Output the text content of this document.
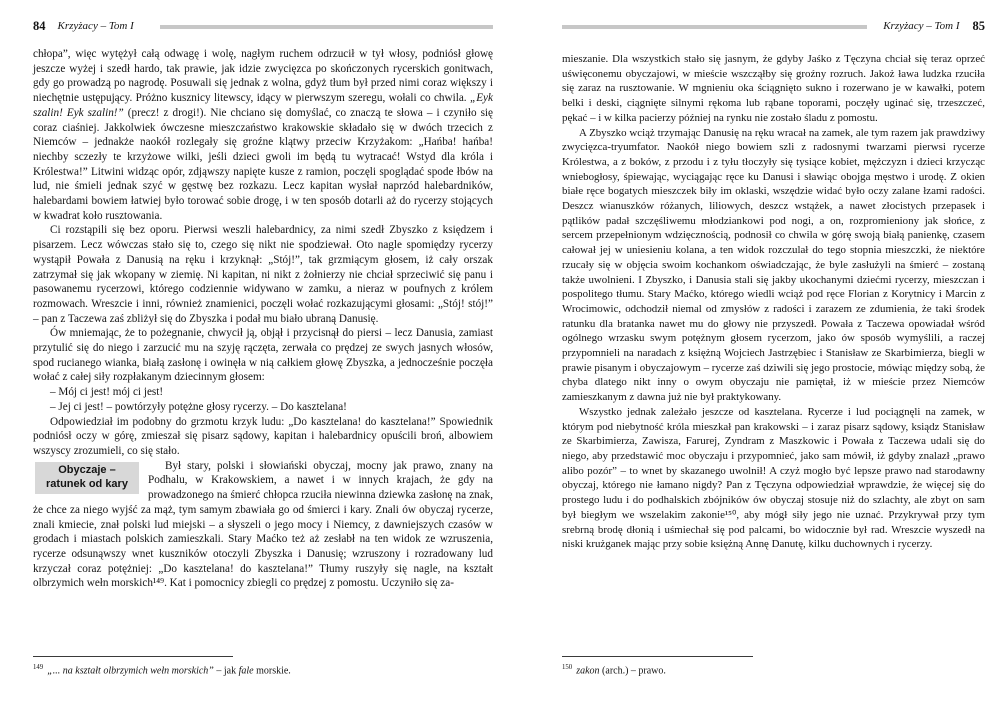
84 Krzyżacy – Tom I

chłopa”, więc wytężył całą odwagę i wolę, nagłym ruchem odrzucił w tył włosy, podniósł głowę jeszcze wyżej i szedł hardo, tak prawie, jak idzie zwycięzca po skończonych rycerskich gonitwach, gdy go prowadzą po nagrodę. Posuwali się jednak z wolna, gdyż tłum był przed nimi coraz większy i niechętnie ustępujący. Próżno kusznicy litewscy, idący w pierwszym szeregu, wołali co chwila. „Eyk szalin! Eyk szalin!” (precz! z drogi!). Nie chciano się domyślać, co znaczą te słowa – i czyniło się coraz ciaśniej. Jakkolwiek ówczesne mieszczaństwo krakowskie składało się w dwóch trzecich z Niemców – jednakże naokół rozlegały się groźne klątwy przeciw Krzyżakom: „Hańba! hańba! niechby sczezły te krzyżowe wilki, jeśli dzieci gwoli im będą tu wytracać! Wstyd dla króla i Królestwa!” Litwini widząc opór, zdjąwszy napięte kusze z ramion, poczęli spoglądać spode łbów na lud, nie śmieli jednak szyć w gęstwę bez rozkazu. Lecz kapitan wysłał naprzód halebardników, halebardami bowiem łatwiej było torować sobie drogę, i w ten sposób dotarli aż do rycerzy stojących w kwadrat koło rusztowania.

Ci rozstąpili się bez oporu. Pierwsi weszli halebardnicy, za nimi szedł Zbyszko z księdzem i pisarzem. Lecz wówczas stało się to, czego się nikt nie spodziewał. Oto nagle spomiędzy rycerzy wystąpił Powała z Danusią na ręku i krzyknął: „Stój!”, tak grzmiącym głosem, iż cały orszak zatrzymał się jak wkopany w ziemię. Ni kapitan, ni nikt z żołnierzy nie chciał sprzeciwić się panu i pasowanemu rycerzowi, którego codziennie widywano w zamku, a nieraz w poufnych z królem rozmowach. Wreszcie i inni, również znamienici, poczęli wołać rozkazującymi głosami: „Stój! stój!” – pan z Taczewa zaś zbliżył się do Zbyszka i podał mu biało ubraną Danusię.

Ów mniemając, że to pożegnanie, chwycił ją, objął i przycisnął do piersi – lecz Danusia, zamiast przytulić się do niego i zarzucić mu na szyję rączęta, zerwała co prędzej ze swych jasnych włosów, spod rucianego wianka, białą zasłonę i owinęła w nią całkiem głowę Zbyszka, a jednocześnie poczęła wołać z całej siły rozpłakanym dziecinnym głosem:

– Mój ci jest! mój ci jest!

– Jej ci jest! – powtórzyły potężne głosy rycerzy. – Do kasztelana!

Odpowiedział im podobny do grzmotu krzyk ludu: „Do kasztelana! do kasztelana!” Spowiednik podniósł oczy w górę, zmieszał się pisarz sądowy, kapitan i halebardnicy opuścili broń, albowiem wszyscy zrozumieli, co się stało.

Obyczaje –
ratunek od kary
Był stary, polski i słowiański obyczaj, mocny jak prawo, znany na Podhalu, w Krakowskiem, a nawet i w innych krajach, że gdy na prowadzonego na śmierć chłopca rzuciła niewinna dziewka zasłonę na znak, że chce za niego wyjść za mąż, tym samym zbawiała go od śmierci i kary. Znali ów obyczaj rycerze, znali kmiecie, znał polski lud miejski – a słyszeli o jego mocy i Niemcy, z dawniejszych czasów w grodach i miastach polskich zamieszkali. Stary Maćko też aż zesłabł na ten widok ze wzruszenia, rycerze odsunąwszy wnet kuszników otoczyli Zbyszka i Danusię; wzruszony i rozradowany lud krzyczał coraz potężniej: „Do kasztelana! do kasztelana!” Tłumy ruszyły się nagle, na kształt olbrzymich wełn morskich¹⁴⁹. Kat i pomocnicy zbiegli co prędzej z pomostu. Uczyniło się za-

$^{149}$ „... na kształt olbrzymich wełn morskich” – jak fale morskie.
Krzyżacy – Tom I 85

mieszanie. Dla wszystkich stało się jasnym, że gdyby Jaśko z Tęczyna chciał się teraz oprzeć uświęconemu obyczajowi, w mieście wszcząłby się groźny rozruch. Jakoż ława ludzka rzuciła się zaraz na rusztowanie. W mgnieniu oka ściągnięto sukno i rozerwano je w kawałki, potem belki i deski, ciągnięte silnymi rękoma lub rąbane toporami, poczęły uginać się, trzeszczeć, pękać – i w kilka pacierzy później na rynku nie zostało śladu z pomostu.

A Zbyszko wciąż trzymając Danusię na ręku wracał na zamek, ale tym razem jak prawdziwy zwycięzca-tryumfator. Naokół niego bowiem szli z radosnymi twarzami pierwsi rycerze Królestwa, a z boków, z przodu i z tyłu tłoczyły się tysiące kobiet, mężczyzn i dzieci krzycząc wniebogłosy, śpiewając, wyciągając ręce ku Danusi i sławiąc obojga męstwo i urodę. Z okien białe ręce bogatych mieszczek biły im oklaski, wszędzie widać było oczy zalane łzami radości. Deszcz wianuszków różanych, liliowych, deszcz wstążek, a nawet złocistych przepasek i pątlików padał szczęśliwemu młodziankowi pod nogi, a on, rozpromieniony jak słońce, z sercem przepełnionym wdzięcznością, podnosił co chwila w górę swoją białą panienkę, czasem całował jej w uniesieniu kolana, a ten widok rozczulał do tego stopnia mieszczki, że niektóre rzucały się w objęcia swoim kochankom oświadczając, że byle zasłużyli na śmierć – zostaną także uwolnieni. I Zbyszko, i Danusia stali się jakby ukochanymi dziećmi rycerzy, mieszczan i pospolitego tłumu. Stary Maćko, którego wiedli wciąż pod ręce Florian z Korytnicy i Marcin z Wrocimowic, odchodził niemal od zmysłów z radości i zarazem ze zdumienia, że taki środek ratunku dla bratanka nawet mu do głowy nie przyszedł. Powała z Taczewa opowiadał wśród ogólnego wrzasku swym potężnym głosem rycerzom, jako ów sposób wymyślili, a raczej przypomnieli na naradach z księżną Wojciech Jastrzębiec i Stanisław ze Skarbimierza, biegli w prawie pisanym i obyczajowym – rycerze zaś dziwili się jego prostocie, mówiąc między sobą, że chyba dlatego nikt inny o owym obyczaju nie pamiętał, iż w mieście przez Niemców zamieszkanym z dawna już nie był praktykowany.

Wszystko jednak zależało jeszcze od kasztelana. Rycerze i lud pociągnęli na zamek, w którym pod niebytność króla mieszkał pan krakowski – i zaraz pisarz sądowy, ksiądz Stanisław ze Skarbimierza, Zawisza, Farurej, Zyndram z Maszkowic i Powała z Taczewa udali się do niego, aby przedstawić moc obyczaju i przypomnieć, jako sam mówił, iż gdyby znalazł „prawo alibo pozór” – to wnet by skazanego uwolnił! A czyż mogło być lepsze prawo nad starodawny obyczaj, którego nie łamano nigdy? Pan z Tęczyna odpowiedział wprawdzie, że więcej się do prostego ludu i do podhalskich zbójników ów obyczaj stosuje niż do szlachty, ale zbyt on sam był biegłym we wszelakim zakonie¹⁵⁰, aby mógł siły jego nie uznać. Przykrywał przy tym srebrną brodę dłonią i uśmiechał się pod palcami, bo widocznie był rad. Wreszcie wyszedł na niski krużganek mając przy sobie księżną Annę Danutę, kilku duchownych i rycerzy.

$^{150}$ zakon (arch.) – prawo.
